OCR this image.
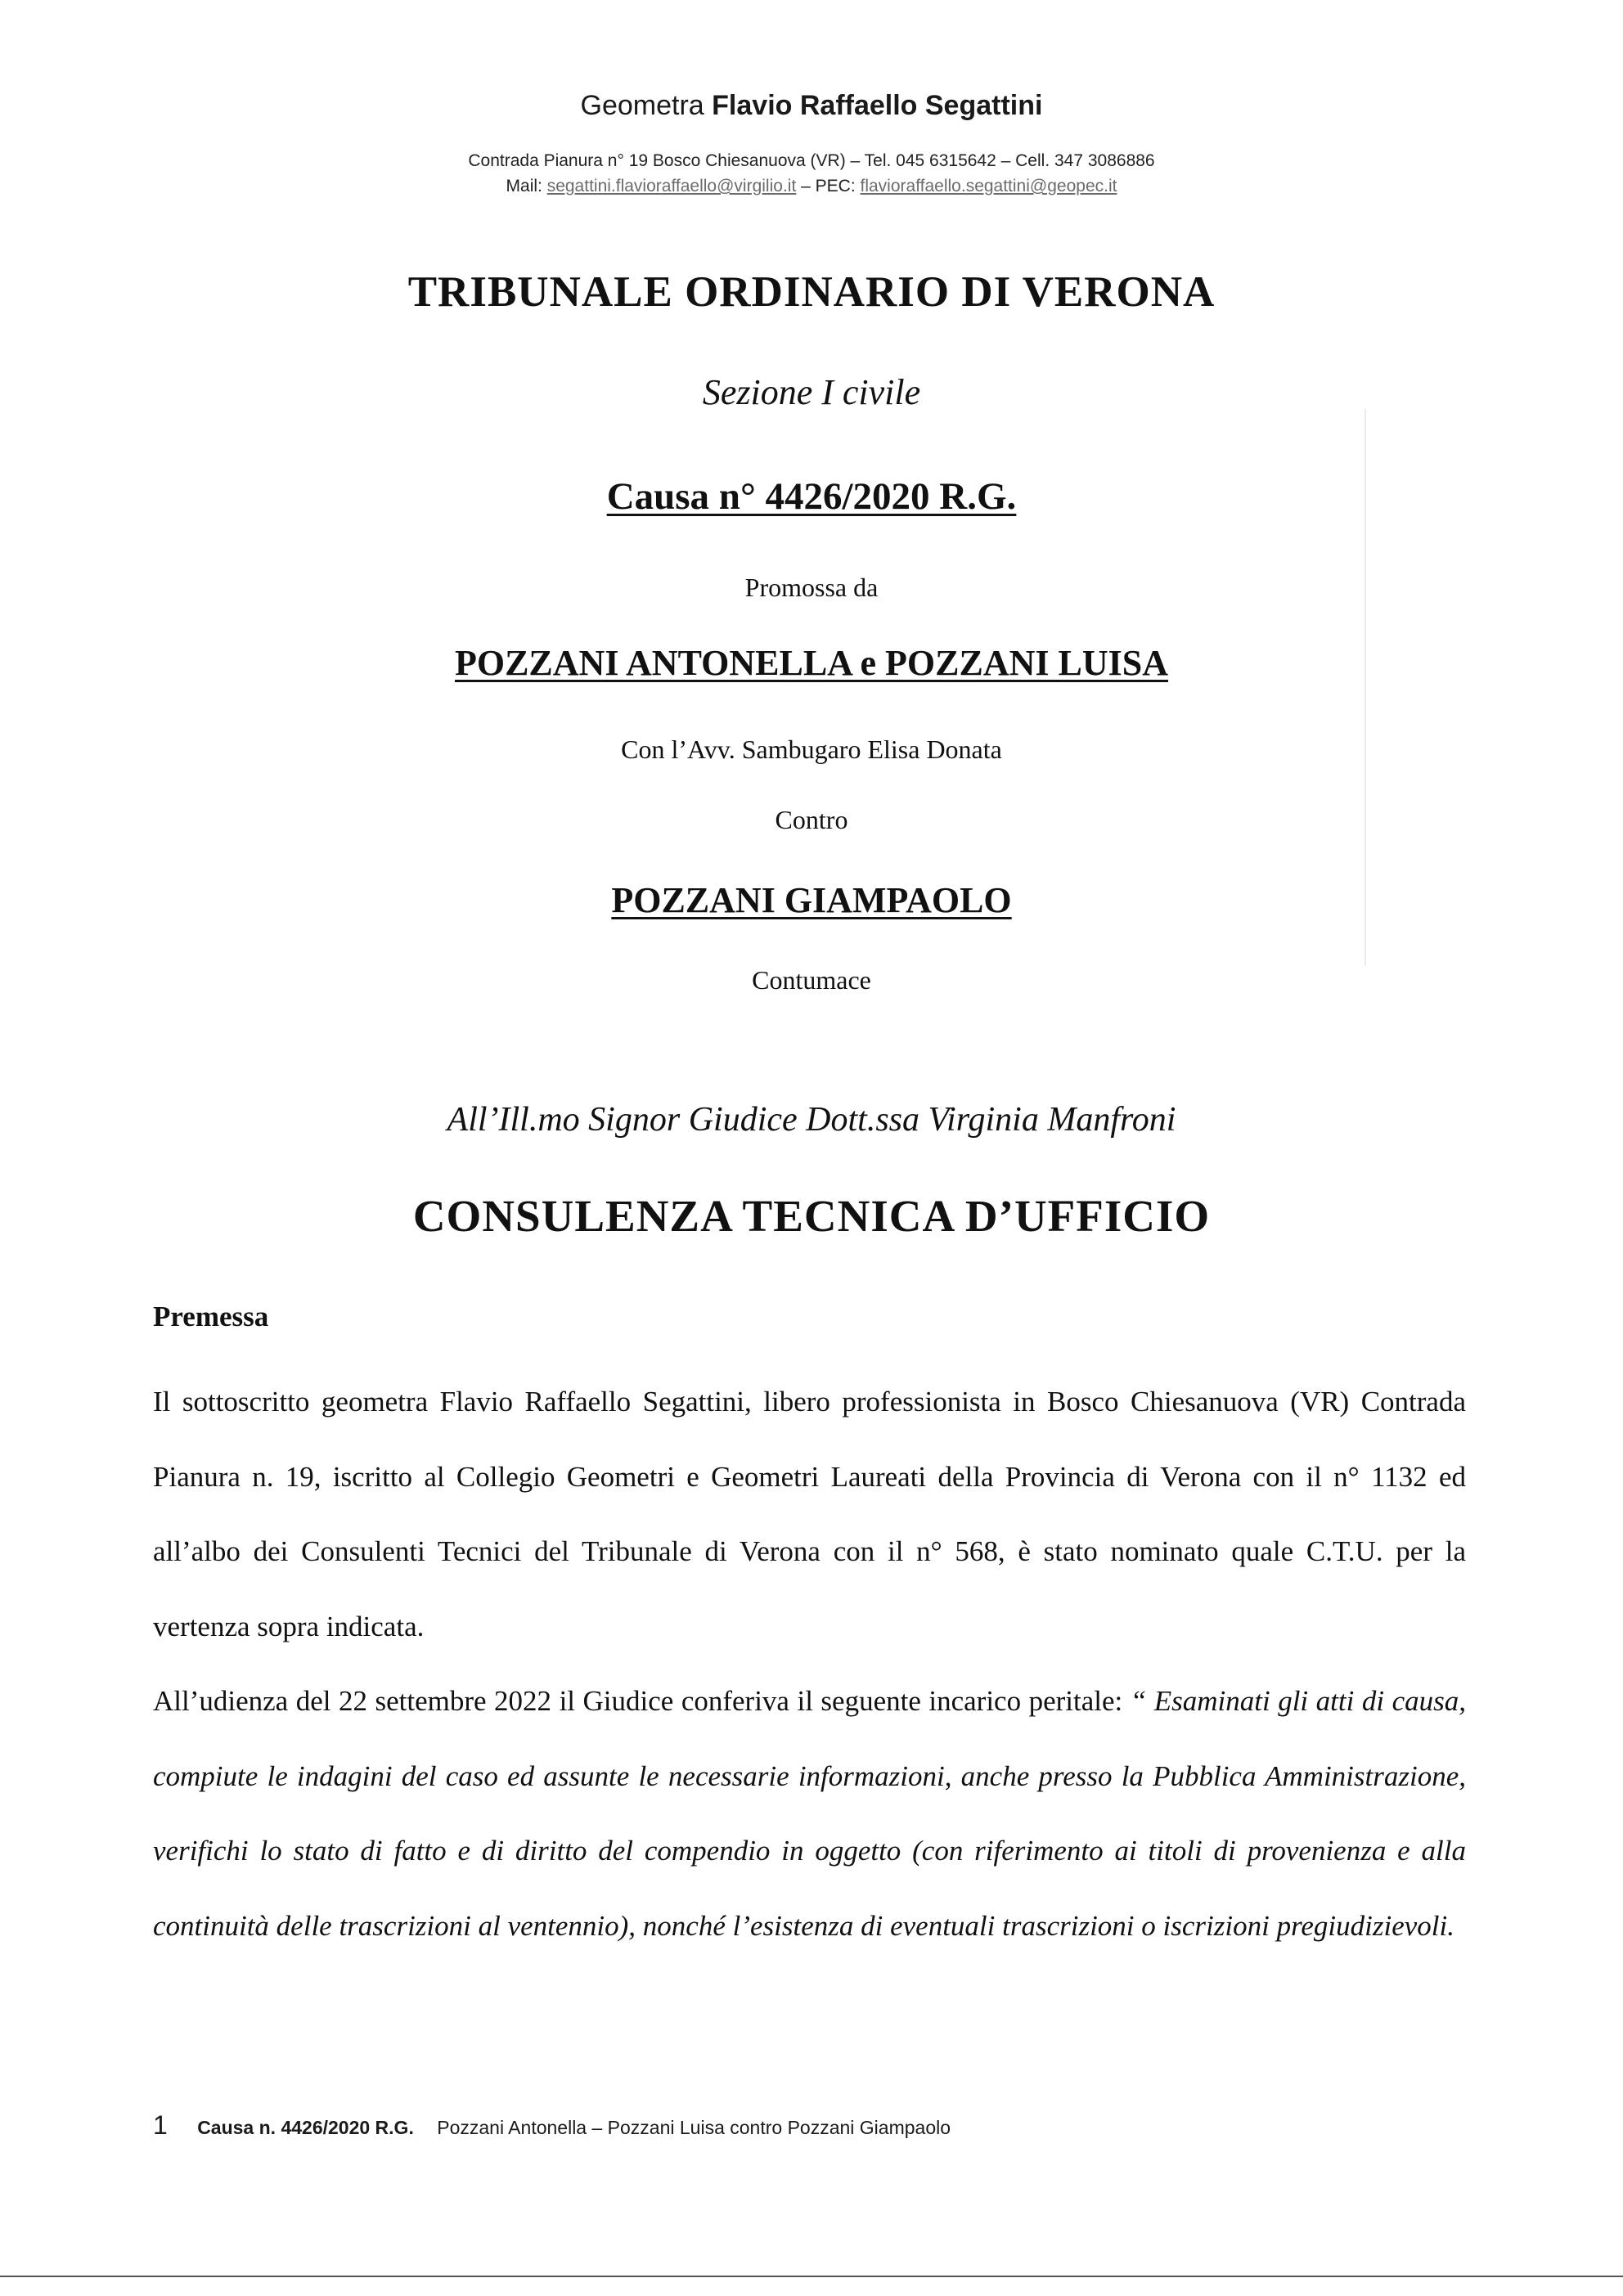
Geometra Flavio Raffaello Segattini
Contrada Pianura n° 19 Bosco Chiesanuova (VR) – Tel. 045 6315642 – Cell. 347 3086886
Mail: segattini.flavioraffaello@virgilio.it – PEC: flavioraffaello.segattini@geopec.it
TRIBUNALE ORDINARIO DI VERONA
Sezione I civile
Causa n° 4426/2020 R.G.
Promossa da
POZZANI ANTONELLA e POZZANI LUISA
Con l’Avv. Sambugaro Elisa Donata
Contro
POZZANI GIAMPAOLO
Contumace
All’Ill.mo Signor Giudice Dott.ssa Virginia Manfroni
CONSULENZA TECNICA D’UFFICIO
Premessa

Il sottoscritto geometra Flavio Raffaello Segattini, libero professionista in Bosco Chiesanuova (VR) Contrada Pianura n. 19, iscritto al Collegio Geometri e Geometri Laureati della Provincia di Verona con il n° 1132 ed all’albo dei Consulenti Tecnici del Tribunale di Verona con il n° 568, è stato nominato quale C.T.U. per la vertenza sopra indicata.

All’udienza del 22 settembre 2022 il Giudice conferiva il seguente incarico peritale: “ Esaminati gli atti di causa, compiute le indagini del caso ed assunte le necessarie informazioni, anche presso la Pubblica Amministrazione, verifichi lo stato di fatto e di diritto del compendio in oggetto (con riferimento ai titoli di provenienza e alla continuità delle trascrizioni al ventennio), nonché l’esistenza di eventuali trascrizioni o iscrizioni pregiudizievoli.

1 Causa n. 4426/2020 R.G. Pozzani Antonella – Pozzani Luisa contro Pozzani Giampaolo
